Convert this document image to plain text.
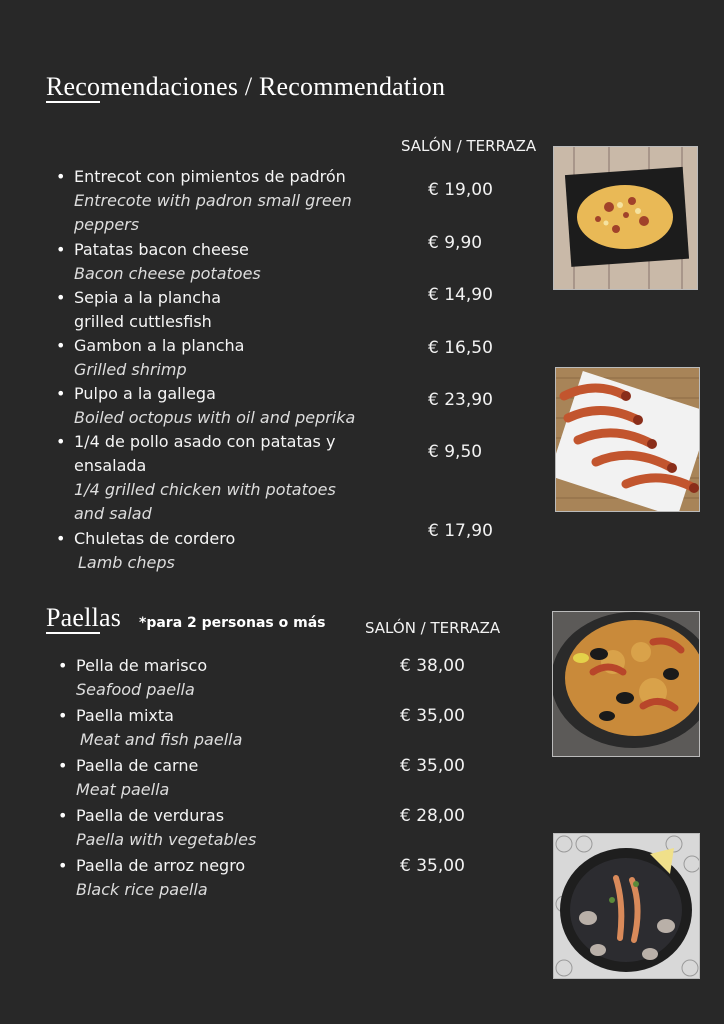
Recomendaciones / Recommendation
SALÓN / TERRAZA
• Entrecot con pimientos de padrón
Entrecote with padron small green peppers
€ 19,00
• Patatas bacon cheese
Bacon cheese potatoes
€ 9,90
• Sepia a la plancha
grilled cuttlesfish
€ 14,90
• Gambon a la plancha
Grilled shrimp
€ 16,50
• Pulpo a la gallega
Boiled octopus with oil and peprika
€ 23,90
• 1/4 de pollo asado con patatas y ensalada
1/4 grilled chicken with potatoes and salad
€ 9,50
• Chuletas de cordero
Lamb cheps
€ 17,90
Paellas *para 2 personas o más	SALÓN / TERRAZA
• Pella de marisco
Seafood paella
€ 38,00
• Paella mixta
Meat and fish paella
€ 35,00
• Paella de carne
Meat paella
€ 35,00
• Paella de verduras
Paella with vegetables
€ 28,00
• Paella de arroz negro
Black rice paella
€ 35,00
